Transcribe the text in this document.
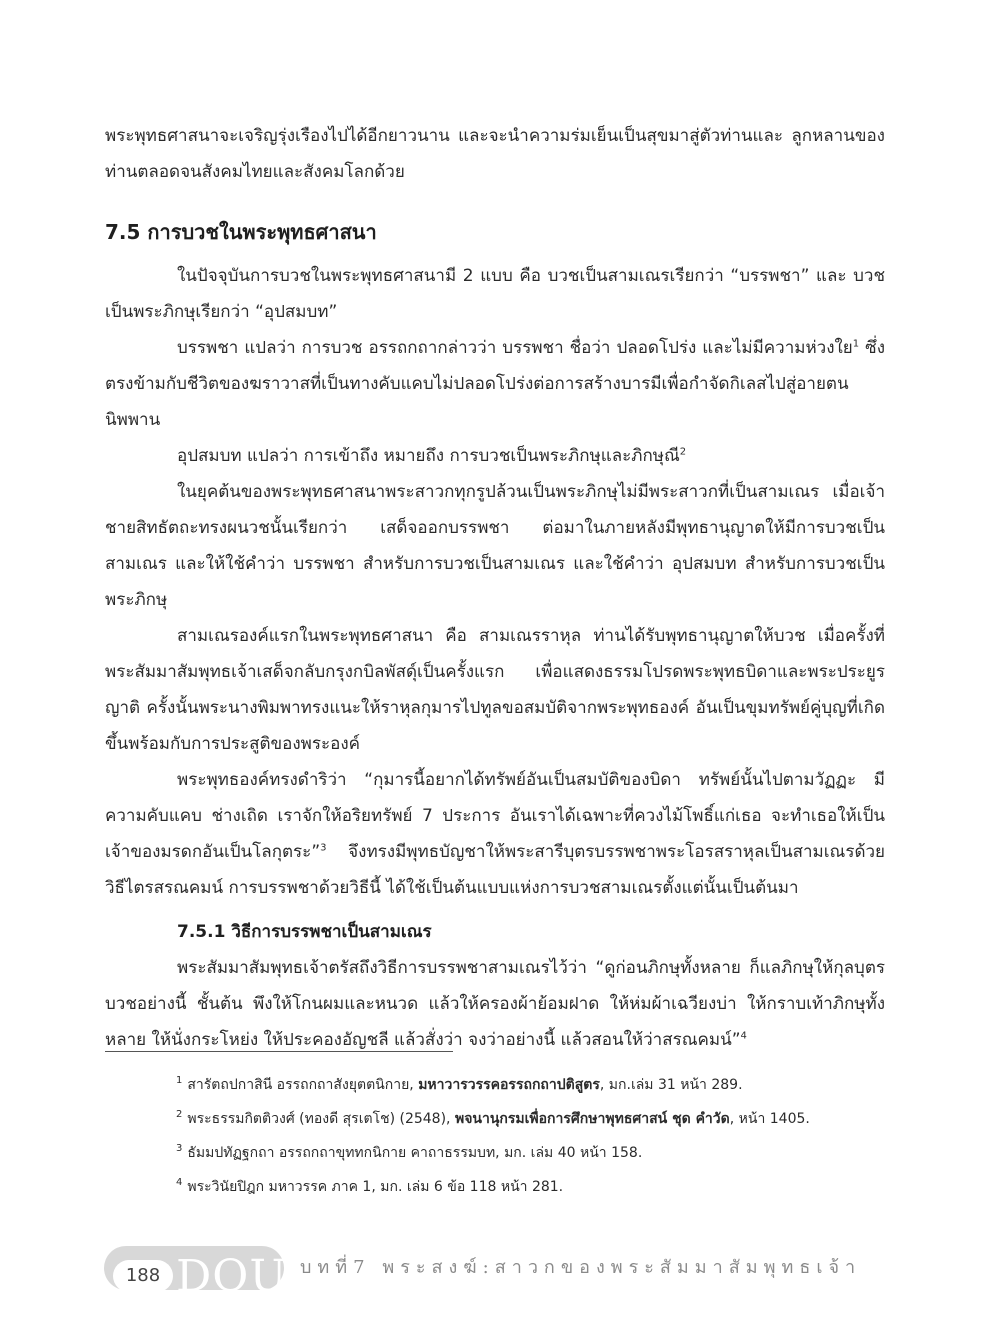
พระพุทธศาสนาจะเจริญรุ่งเรืองไปได้อีกยาวนาน และจะนำความร่มเย็นเป็นสุขมาสู่ตัวท่านและ ลูกหลานของท่านตลอดจนสังคมไทยและสังคมโลกด้วย

7.5 การบวชในพระพุทธศาสนา

ในปัจจุบันการบวชในพระพุทธศาสนามี 2 แบบ คือ บวชเป็นสามเณรเรียกว่า “บรรพชา” และ บวชเป็นพระภิกษุเรียกว่า “อุปสมบท”

บรรพชา แปลว่า การบวช อรรถกถากล่าวว่า บรรพชา ชื่อว่า ปลอดโปร่ง และไม่มีความห่วงใย$^1$ ซึ่งตรงข้ามกับชีวิตของฆราวาสที่เป็นทางคับแคบไม่ปลอดโปร่งต่อการสร้างบารมีเพื่อกำจัดกิเลสไปสู่อายตนนิพพาน

อุปสมบท แปลว่า การเข้าถึง หมายถึง การบวชเป็นพระภิกษุและภิกษุณี$^2$

ในยุคต้นของพระพุทธศาสนาพระสาวกทุกรูปล้วนเป็นพระภิกษุไม่มีพระสาวกที่เป็นสามเณร เมื่อเจ้าชายสิทธัตถะทรงผนวชนั้นเรียกว่า เสด็จออกบรรพชา ต่อมาในภายหลังมีพุทธานุญาตให้มีการบวชเป็นสามเณร และให้ใช้คำว่า บรรพชา สำหรับการบวชเป็นสามเณร และใช้คำว่า อุปสมบท สำหรับการบวชเป็นพระภิกษุ

สามเณรองค์แรกในพระพุทธศาสนา คือ สามเณรราหุล ท่านได้รับพุทธานุญาตให้บวช เมื่อครั้งที่พระสัมมาสัมพุทธเจ้าเสด็จกลับกรุงกบิลพัสดุ์เป็นครั้งแรก เพื่อแสดงธรรมโปรดพระพุทธบิดาและพระประยูรญาติ ครั้งนั้นพระนางพิมพาทรงแนะให้ราหุลกุมารไปทูลขอสมบัติจากพระพุทธองค์ อันเป็นขุมทรัพย์คู่บุญที่เกิดขึ้นพร้อมกับการประสูติของพระองค์

พระพุทธองค์ทรงดำริว่า “กุมารนี้อยากได้ทรัพย์อันเป็นสมบัติของบิดา ทรัพย์นั้นไปตามวัฏฏะ มีความคับแคบ ช่างเถิด เราจักให้อริยทรัพย์ 7 ประการ อันเราได้เฉพาะที่ควงไม้โพธิ์แก่เธอ จะทำเธอให้เป็นเจ้าของมรดกอันเป็นโลกุตระ”$^3$ จึงทรงมีพุทธบัญชาให้พระสารีบุตรบรรพชาพระโอรสราหุลเป็นสามเณรด้วยวิธีไตรสรณคมน์ การบรรพชาด้วยวิธีนี้ ได้ใช้เป็นต้นแบบแห่งการบวชสามเณรตั้งแต่นั้นเป็นต้นมา

7.5.1 วิธีการบรรพชาเป็นสามเณร

พระสัมมาสัมพุทธเจ้าตรัสถึงวิธีการบรรพชาสามเณรไว้ว่า “ดูก่อนภิกษุทั้งหลาย ก็แลภิกษุให้กุลบุตรบวชอย่างนี้ ชั้นต้น พึงให้โกนผมและหนวด แล้วให้ครองผ้าย้อมฝาด ให้ห่มผ้าเฉวียงบ่า ให้กราบเท้าภิกษุทั้งหลาย ให้นั่งกระโหย่ง ให้ประคองอัญชลี แล้วสั่งว่า จงว่าอย่างนี้ แล้วสอนให้ว่าสรณคมน์”$^4$

$^1$ สารัตถปกาสินี อรรถกถาสังยุตตนิกาย, มหาวารวรรคอรรถกถาปติสูตร, มก.เล่ม 31 หน้า 289.

$^2$ พระธรรมกิตติวงศ์ (ทองดี สุรเตโช) (2548), พจนานุกรมเพื่อการศึกษาพุทธศาสน์ ชุด คำวัด, หน้า 1405.

$^3$ ธัมมปทัฏฐกถา อรรถกถาขุททกนิกาย คาถาธรรมบท, มก. เล่ม 40 หน้า 158.

$^4$ พระวินัยปิฎก มหาวรรค ภาค 1, มก. เล่ม 6 ข้อ 118 หน้า 281.

188 DOU บทที่7 พระสงฆ์:สาวกของพระสัมมาสัมพุทธเจ้า
